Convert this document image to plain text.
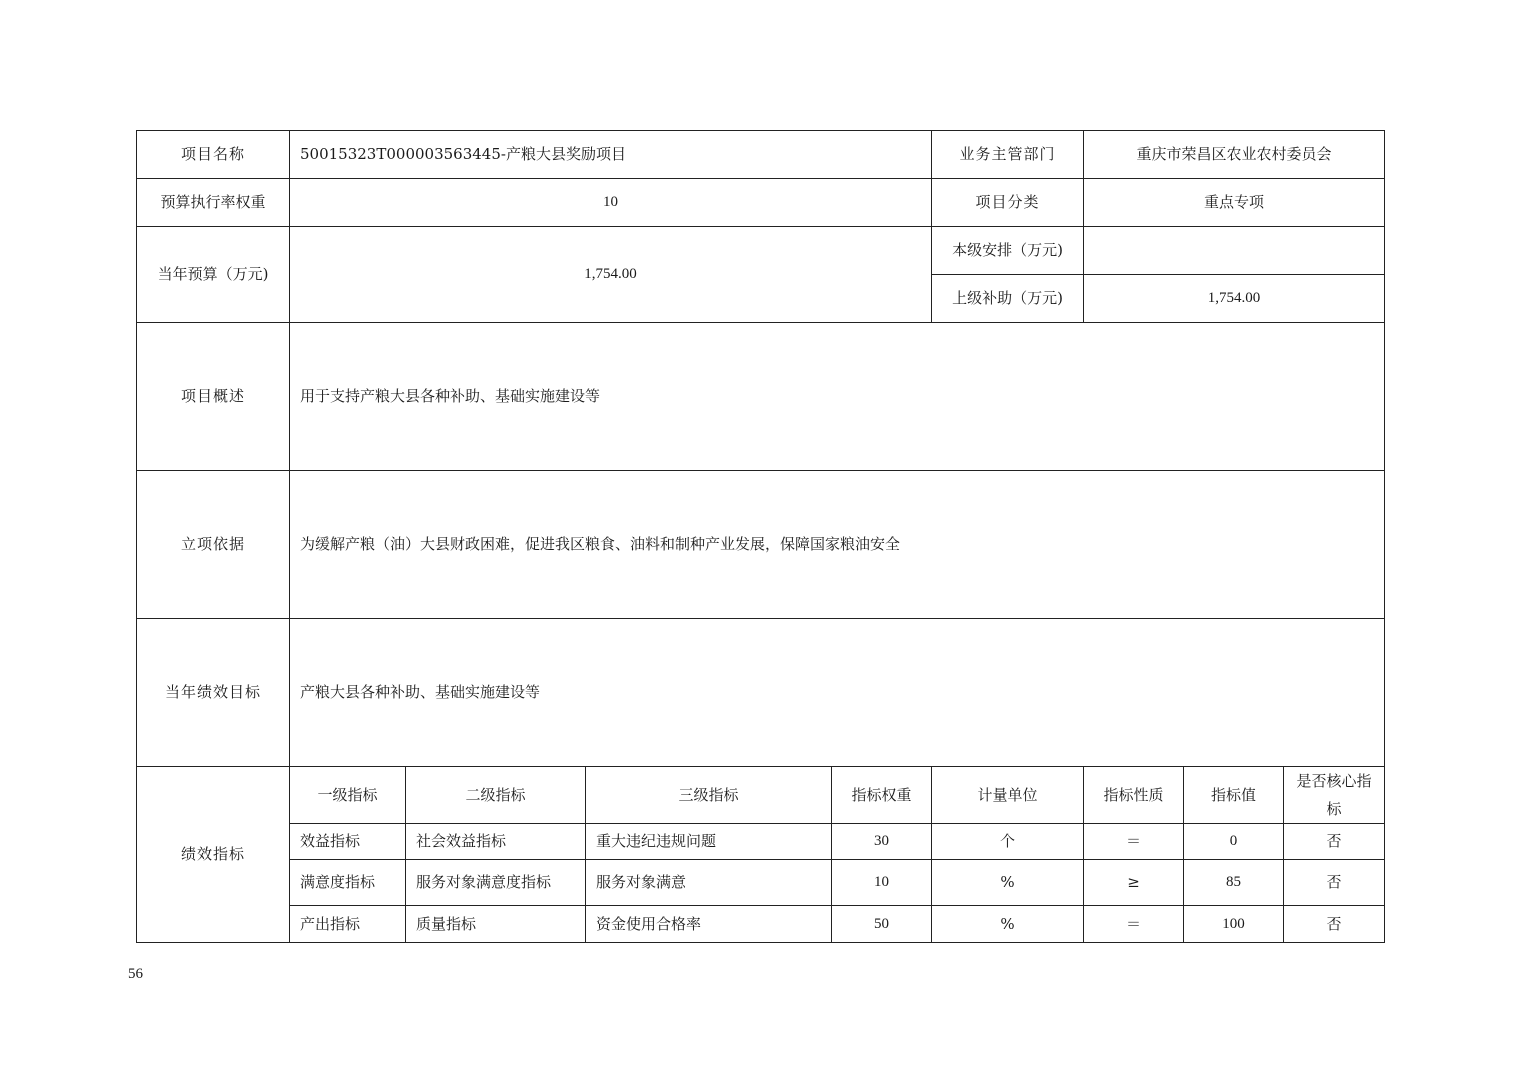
项目名称	50015323T000003563445-产粮大县奖励项目				业务主管部门	重庆市荣昌区农业农村委员会		
预算执行率权重	10				项目分类	重点专项		
当年预算（万元)	1,754.00				本级安排（万元)			
					上级补助（万元)	1,754.00		
项目概述	用于支持产粮大县各种补助、基础实施建设等							
立项依据	为缓解产粮（油）大县财政困难，促进我区粮食、油料和制种产业发展，保障国家粮油安全							
当年绩效目标	产粮大县各种补助、基础实施建设等							
绩效指标	一级指标	二级指标	三级指标	指标权重	计量单位	指标性质	指标值	是否核心指标
	效益指标	社会效益指标	重大违纪违规问题	30	个	＝	0	否
	满意度指标	服务对象满意度指标	服务对象满意	10	%	≥	85	否
	产出指标	质量指标	资金使用合格率	50	%	＝	100	否
56
